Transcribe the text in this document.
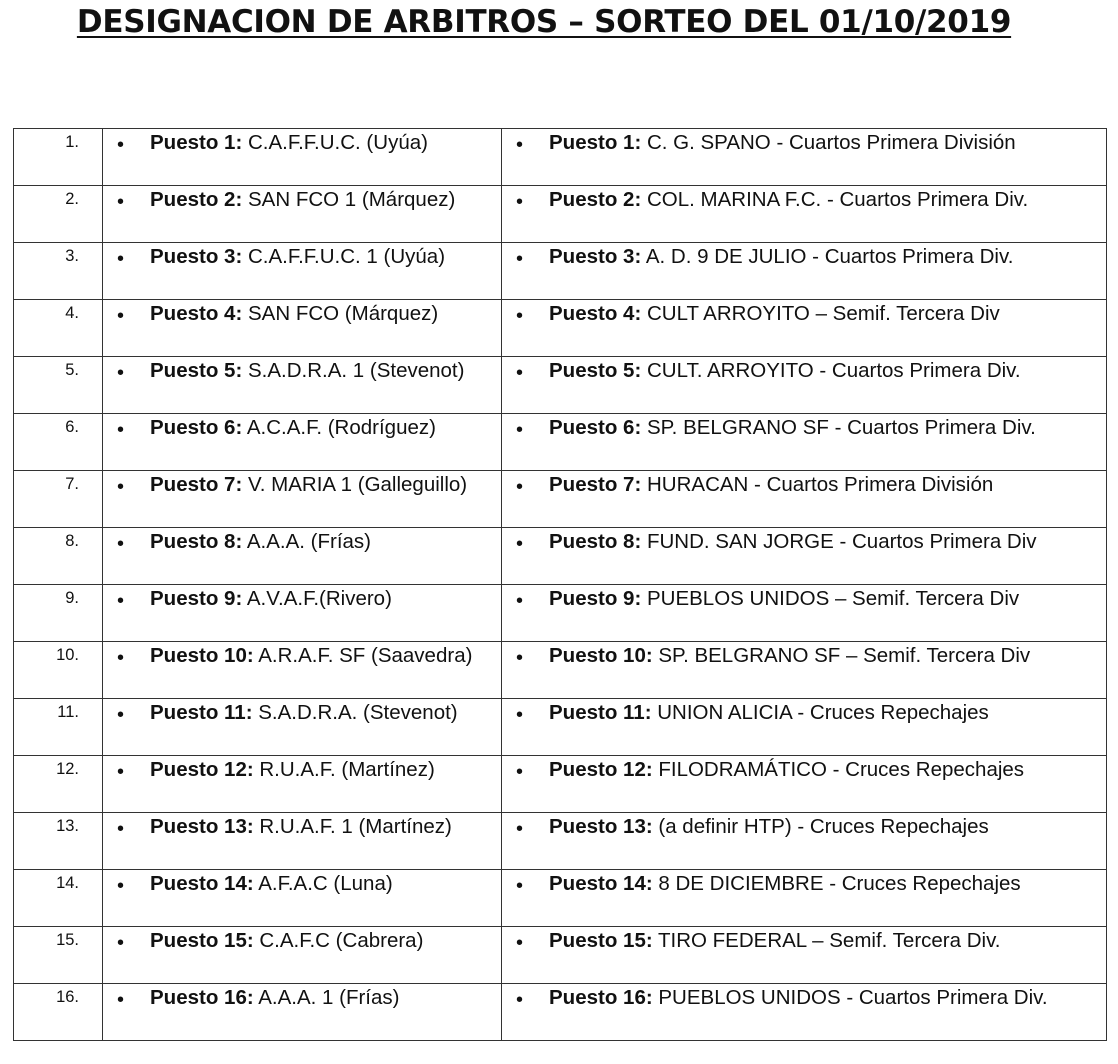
DESIGNACION DE ARBITROS – SORTEO DEL 01/10/2019
1.	• Puesto 1: C.A.F.F.U.C. (Uyúa)	• Puesto 1: C. G. SPANO - Cuartos Primera División

2.	• Puesto 2: SAN FCO 1 (Márquez)	• Puesto 2: COL. MARINA F.C. - Cuartos Primera Div.

3.	• Puesto 3: C.A.F.F.U.C. 1 (Uyúa)	• Puesto 3: A. D. 9 DE JULIO - Cuartos Primera Div.

4.	• Puesto 4: SAN FCO (Márquez)	• Puesto 4: CULT ARROYITO – Semif. Tercera Div

5.	• Puesto 5: S.A.D.R.A. 1 (Stevenot)	• Puesto 5: CULT. ARROYITO - Cuartos Primera Div.

6.	• Puesto 6: A.C.A.F. (Rodríguez)	• Puesto 6: SP. BELGRANO SF - Cuartos Primera Div.

7.	• Puesto 7: V. MARIA 1 (Galleguillo)	• Puesto 7: HURACAN - Cuartos Primera División

8.	• Puesto 8: A.A.A. (Frías)	• Puesto 8: FUND. SAN JORGE - Cuartos Primera Div

9.	• Puesto 9: A.V.A.F.(Rivero)	• Puesto 9: PUEBLOS UNIDOS – Semif. Tercera Div

10.	• Puesto 10: A.R.A.F. SF (Saavedra)	• Puesto 10: SP. BELGRANO SF – Semif. Tercera Div

11.	• Puesto 11: S.A.D.R.A. (Stevenot)	• Puesto 11: UNION ALICIA - Cruces Repechajes

12.	• Puesto 12: R.U.A.F. (Martínez)	• Puesto 12: FILODRAMÁTICO - Cruces Repechajes

13.	• Puesto 13: R.U.A.F. 1 (Martínez)	• Puesto 13: (a definir HTP) - Cruces Repechajes

14.	• Puesto 14: A.F.A.C (Luna)	• Puesto 14: 8 DE DICIEMBRE - Cruces Repechajes

15.	• Puesto 15: C.A.F.C (Cabrera)	• Puesto 15: TIRO FEDERAL – Semif. Tercera Div.

16.	• Puesto 16: A.A.A. 1 (Frías)	• Puesto 16: PUEBLOS UNIDOS - Cuartos Primera Div.
